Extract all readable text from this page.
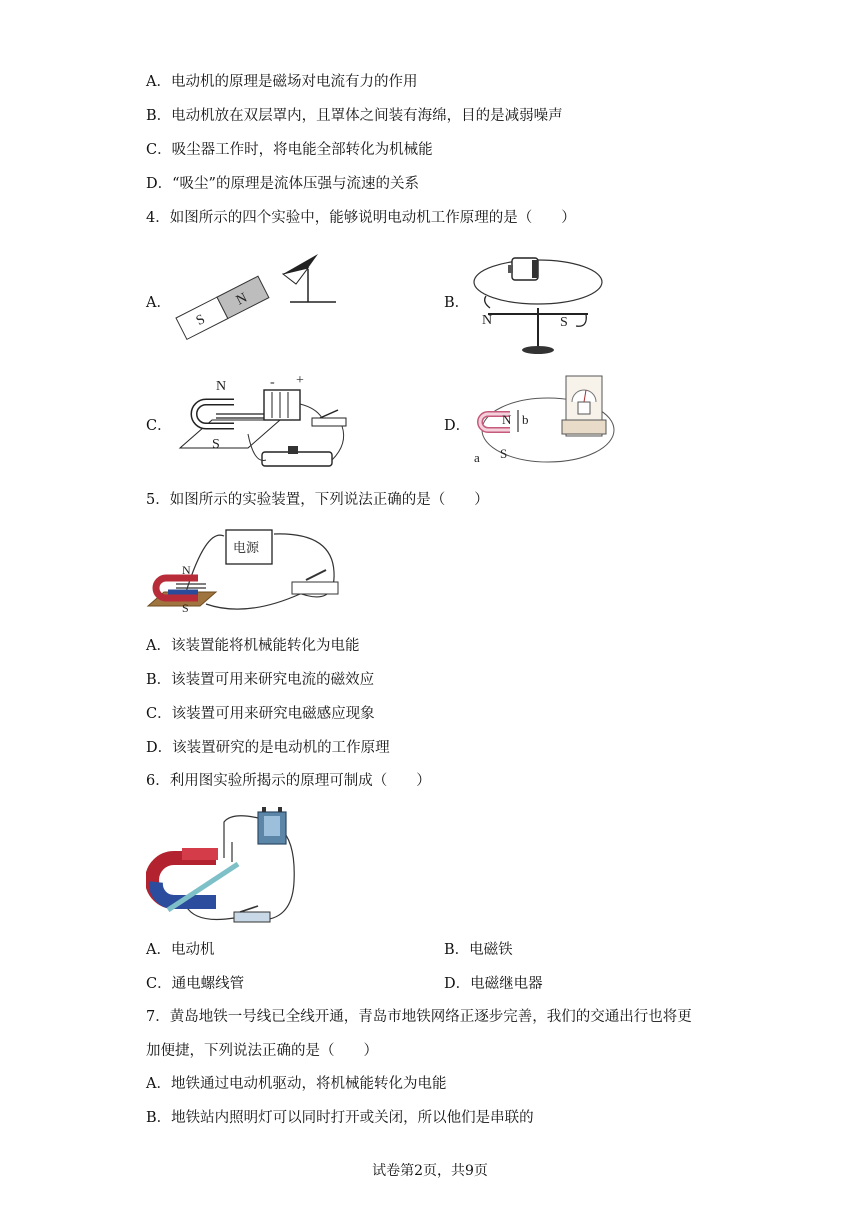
A．电动机的原理是磁场对电流有力的作用
B．电动机放在双层罩内，且罩体之间装有海绵，目的是减弱噪声
C．吸尘器工作时，将电能全部转化为机械能
D．“吸尘”的原理是流体压强与流速的关系
4．如图所示的四个实验中，能够说明电动机工作原理的是（　　）
A．
S
N	B．
N	S
C．
N
S
- +
D． N
S
a
b
5．如图所示的实验装置，下列说法正确的是（　　）
电源
N
S
A．该装置能将机械能转化为电能
B．该装置可用来研究电流的磁效应
C．该装置可用来研究电磁感应现象
D．该装置研究的是电动机的工作原理
6．利用图实验所揭示的原理可制成（　　）
A．电动机	B．电磁铁
C．通电螺线管	D．电磁继电器
7．黄岛地铁一号线已全线开通，青岛市地铁网络正逐步完善，我们的交通出行也将更
加便捷，下列说法正确的是（　　）
A．地铁通过电动机驱动，将机械能转化为电能
B．地铁站内照明灯可以同时打开或关闭，所以他们是串联的
试卷第2页，共9页
